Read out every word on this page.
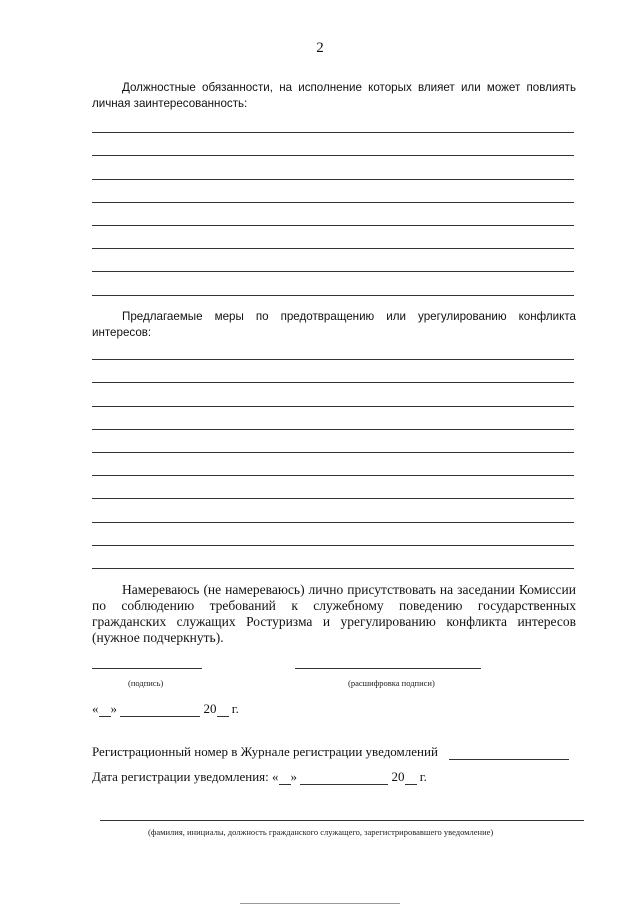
2
Должностные обязанности, на исполнение которых влияет или может повлиять личная заинтересованность:
Предлагаемые меры по предотвращению или урегулированию конфликта интересов:
Намереваюсь (не намереваюсь) лично присутствовать на заседании Комиссии по соблюдению требований к служебному поведению государственных гражданских служащих Ростуризма и урегулированию конфликта интересов (нужное подчеркнуть).
(подпись)	(расшифровка подписи)
« »	20 г.
Регистрационный номер в Журнале регистрации уведомлений
Дата регистрации уведомления: « »	20 г.
(фамилия, инициалы, должность гражданского служащего, зарегистрировавшего уведомление)
